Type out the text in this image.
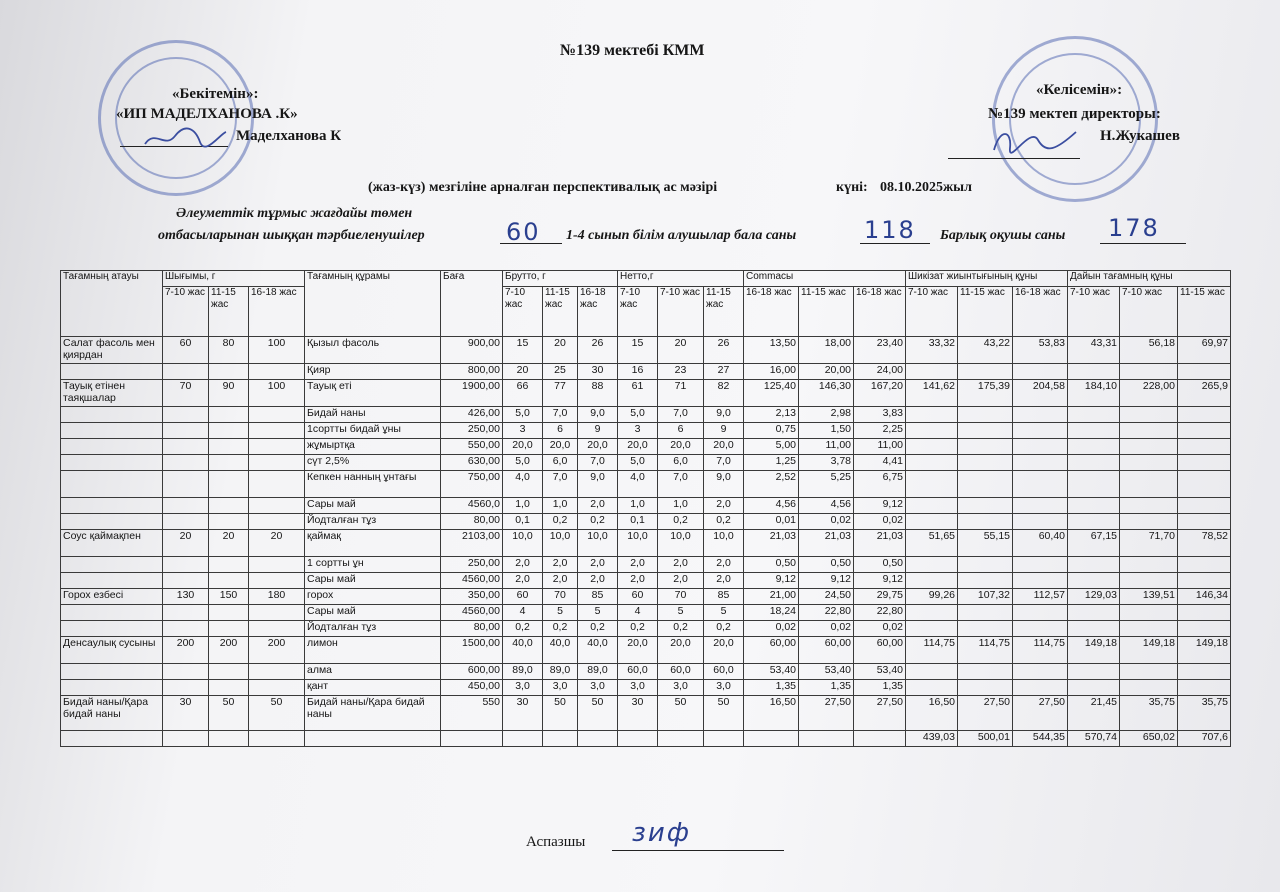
№139 мектебі КММ
«Бекітемін»:
«ИП МАДЕЛХАНОВА .К»
Маделханова К
«Келісемін»:
№139 мектеп директоры:
Н.Жукашев
(жаз-күз) мезгіліне арналған перспективалық ас мәзірі	күні: 08.10.2025жыл
Әлеуметтік тұрмыс жағдайы төмен
отбасыларынан шыққан тәрбиеленушілер	60 1-4 сынып білім алушылар бала саны	118 Барлық оқушы саны 178
Тағамның атауы	Шығымы, г			Тағамның құрамы	Бағa	Брутто, г			Нетто,г			Сommaсы			Шикізат жиынтығының құны			Дайын тағамның құны		
	7-10 жас	11-15 жас	16-18 жас			7-10 жас	11-15 жас	16-18 жас	7-10 жас	7-10 жас	11-15 жас	16-18 жас	11-15 жас	16-18 жас	7-10 жас	11-15 жас	16-18 жас	7-10 жас	7-10 жас	11-15 жас
Салат фасоль мен қиярдан	60	80	100	Қызыл фасоль	900,00	15	20	26	15	20	26	13,50	18,00	23,40	33,32	43,22	53,83	43,31	56,18	69,97
				Қияр	800,00	20	25	30	16	23	27	16,00	20,00	24,00						
Тауық етінен таяқшалар	70	90	100	Тауық еті	1900,00	66	77	88	61	71	82	125,40	146,30	167,20	141,62	175,39	204,58	184,10	228,00	265,9
				Бидай наны	426,00	5,0	7,0	9,0	5,0	7,0	9,0	2,13	2,98	3,83						
				1сортты бидай ұны	250,00	3	6	9	3	6	9	0,75	1,50	2,25						
				жұмыртқа	550,00	20,0	20,0	20,0	20,0	20,0	20,0	5,00	11,00	11,00						
				сүт 2,5%	630,00	5,0	6,0	7,0	5,0	6,0	7,0	1,25	3,78	4,41						
				Кепкен нанның ұнтағы	750,00	4,0	7,0	9,0	4,0	7,0	9,0	2,52	5,25	6,75						
				Сары май	4560,0	1,0	1,0	2,0	1,0	1,0	2,0	4,56	4,56	9,12						
				Йодталған тұз	80,00	0,1	0,2	0,2	0,1	0,2	0,2	0,01	0,02	0,02						
Соус қаймақпен	20	20	20	қаймақ	2103,00	10,0	10,0	10,0	10,0	10,0	10,0	21,03	21,03	21,03	51,65	55,15	60,40	67,15	71,70	78,52
				1 сортты ұн	250,00	2,0	2,0	2,0	2,0	2,0	2,0	0,50	0,50	0,50						
				Сары май	4560,00	2,0	2,0	2,0	2,0	2,0	2,0	9,12	9,12	9,12						
Горох езбесі	130	150	180	горох	350,00	60	70	85	60	70	85	21,00	24,50	29,75	99,26	107,32	112,57	129,03	139,51	146,34
				Сары май	4560,00	4	5	5	4	5	5	18,24	22,80	22,80						
				Йодталған тұз	80,00	0,2	0,2	0,2	0,2	0,2	0,2	0,02	0,02	0,02						
Денсаулық сусыны	200	200	200	лимон	1500,00	40,0	40,0	40,0	20,0	20,0	20,0	60,00	60,00	60,00	114,75	114,75	114,75	149,18	149,18	149,18
				алма	600,00	89,0	89,0	89,0	60,0	60,0	60,0	53,40	53,40	53,40						
				қант	450,00	3,0	3,0	3,0	3,0	3,0	3,0	1,35	1,35	1,35						
Бидай наны/Қара бидай наны	30	50	50	Бидай наны/Қара бидай наны	550	30	50	50	30	50	50	16,50	27,50	27,50	16,50	27,50	27,50	21,45	35,75	35,75
															439,03	500,01	544,35	570,74	650,02	707,6
Аспазшы зиф
